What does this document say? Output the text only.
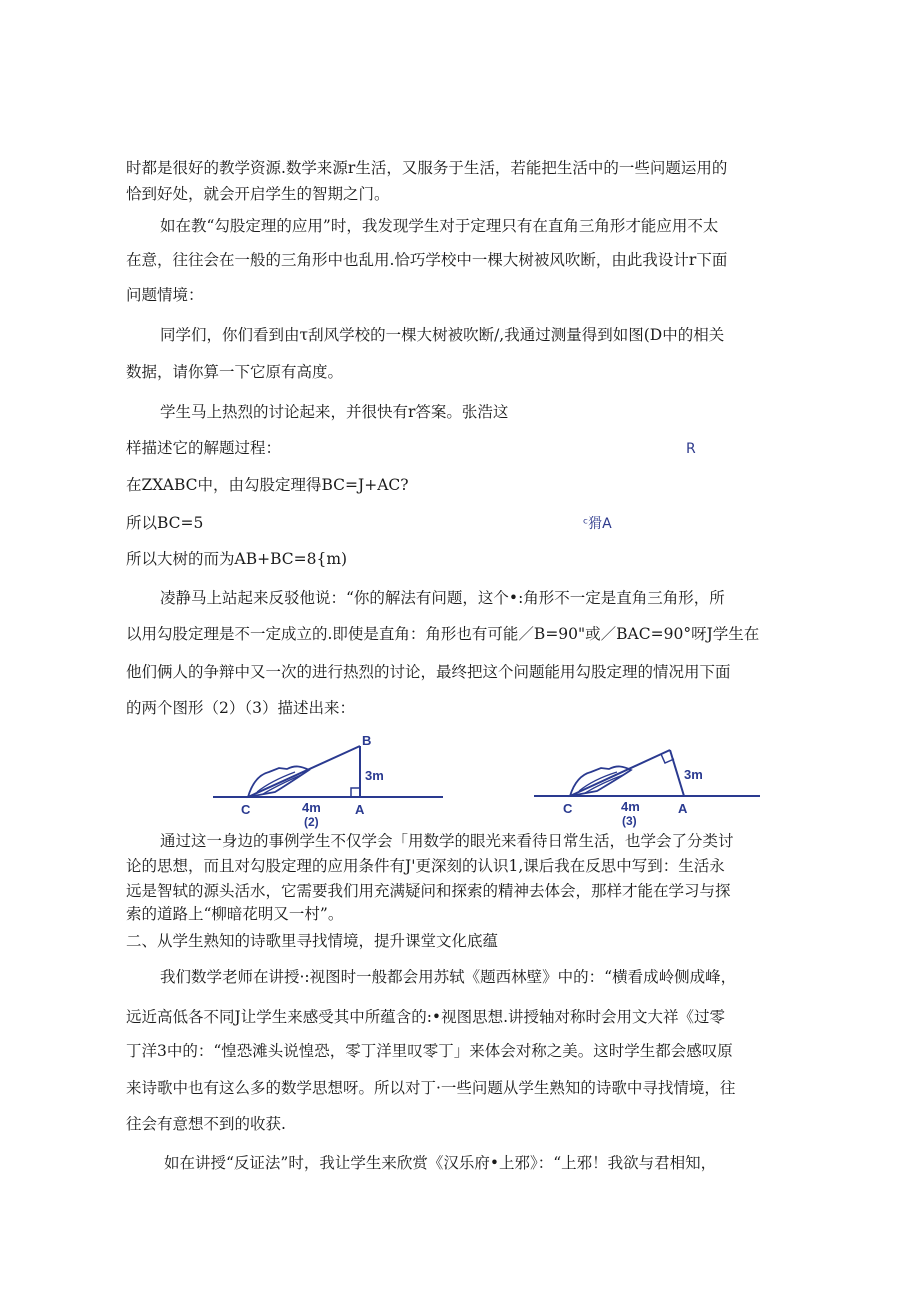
时都是很好的教学资源.数学来源r生活，又服务于生活，若能把生活中的一些问题运用的
恰到好处，就会开启学生的智期之门。
如在教“勾股定理的应用”时，我发现学生对于定理只有在直角三角形才能应用不太
在意，往往会在一般的三角形中也乱用.恰巧学校中一棵大树被风吹断，由此我设计r下面
问题情境：
同学们，你们看到由τ刮风学校的一棵大树被吹断/,我通过测量得到如图(D中的相关
数据，请你算一下它原有高度。
学生马上热烈的讨论起来，并很快有r答案。张浩这
样描述它的解题过程：	R
在ZXABC中，由勾股定理得BC=J+AC?
所以BC=5	ᶜ猾A
所以大树的而为AB+BC=8{m)
凌静马上站起来反驳他说：“你的解法有问题，这个•:角形不一定是直角三角形，所
以用勾股定理是不一定成立的.即使是直角：角形也有可能／B=90"或／BAC=90°呀J学生在
他们俩人的争辩中又一次的进行热烈的讨论，最终把这个问题能用勾股定理的情况用下面
的两个图形（2）（3）描述出来：
B
3m
C	4m	A
(2)
3m
C	4m	A
(3)
通过这一身边的事例学生不仅学会「用数学的眼光来看待日常生活，也学会了分类讨
论的思想，而且对勾股定理的应用条件有J'更深刻的认识1,课后我在反思中写到：生活永
远是智轼的源头活水，它需要我们用充满疑问和探索的精神去体会，那样才能在学习与探
索的道路上“柳暗花明又一村”。
二、从学生熟知的诗歌里寻找情境，提升课堂文化底蕴
我们数学老师在讲授·:视图时一般都会用苏轼《题西林壁》中的：“横看成岭侧成峰，
远近高低各不同J让学生来感受其中所蕴含的:•视图思想.讲授轴对称时会用文大祥《过零
丁洋3中的：“惶恐滩头说惶恐，零丁洋里叹零丁」来体会对称之美。这时学生都会感叹原
来诗歌中也有这么多的数学思想呀。所以对丁·一些问题从学生熟知的诗歌中寻找情境，往
往会有意想不到的收获.
如在讲授“反证法”时，我让学生来欣赏《汉乐府•上邪》：“上邪！我欲与君相知，
